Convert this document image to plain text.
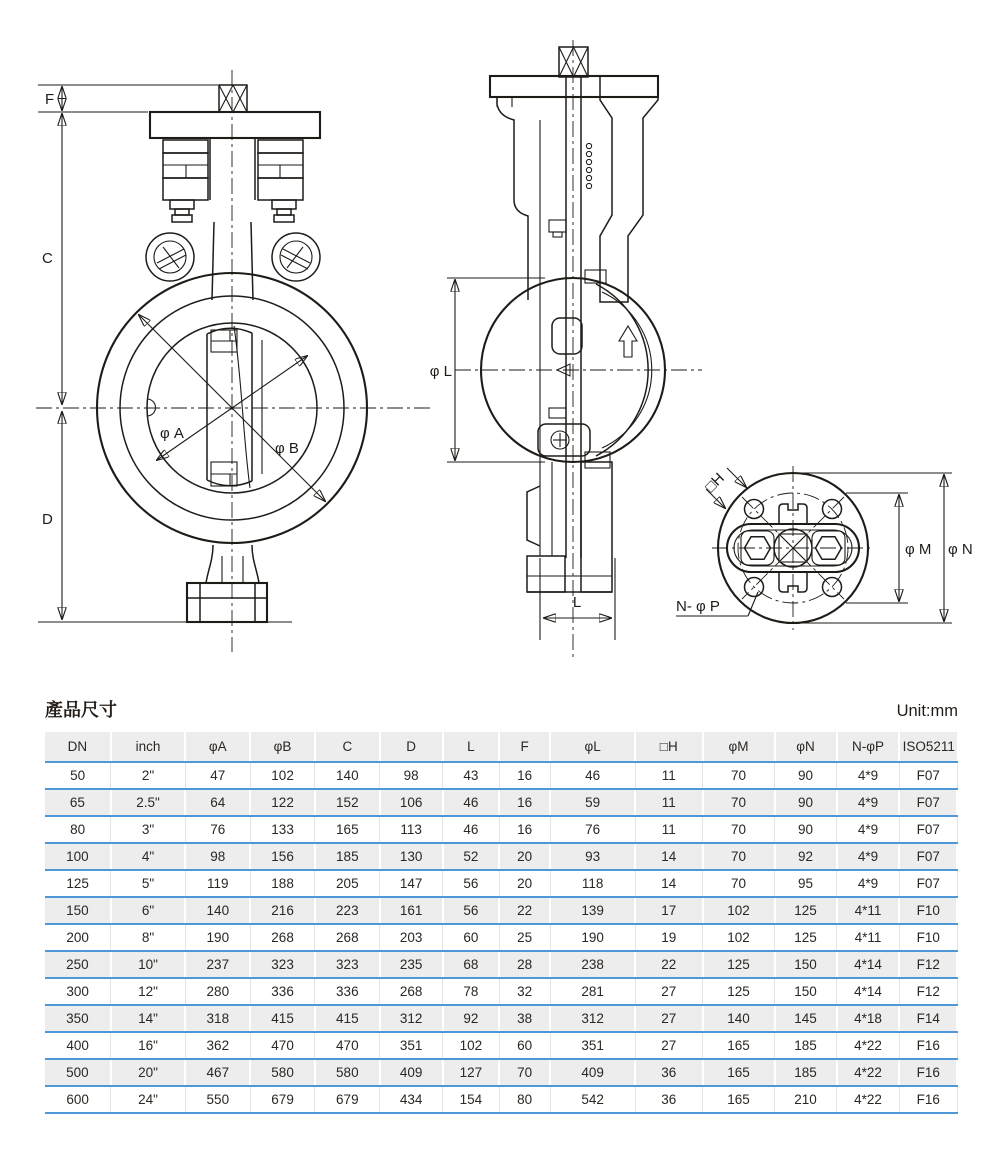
φ A
φ B
F
C
D
φ L
L
□H
φ M φ N
N- φ P
產品尺寸	Unit:mm
DN	inch	φA	φB	C	D	L	F	φL	□H	φM	φN	N-φP	ISO5211
50	2"	47	102	140	98	43	16	46	11	70	90	4*9	F07
65	2.5"	64	122	152	106	46	16	59	11	70	90	4*9	F07
80	3"	76	133	165	113	46	16	76	11	70	90	4*9	F07
100	4"	98	156	185	130	52	20	93	14	70	92	4*9	F07
125	5"	119	188	205	147	56	20	118	14	70	95	4*9	F07
150	6"	140	216	223	161	56	22	139	17	102	125	4*11	F10
200	8"	190	268	268	203	60	25	190	19	102	125	4*11	F10
250	10"	237	323	323	235	68	28	238	22	125	150	4*14	F12
300	12"	280	336	336	268	78	32	281	27	125	150	4*14	F12
350	14"	318	415	415	312	92	38	312	27	140	145	4*18	F14
400	16"	362	470	470	351	102	60	351	27	165	185	4*22	F16
500	20"	467	580	580	409	127	70	409	36	165	185	4*22	F16
600	24"	550	679	679	434	154	80	542	36	165	210	4*22	F16
